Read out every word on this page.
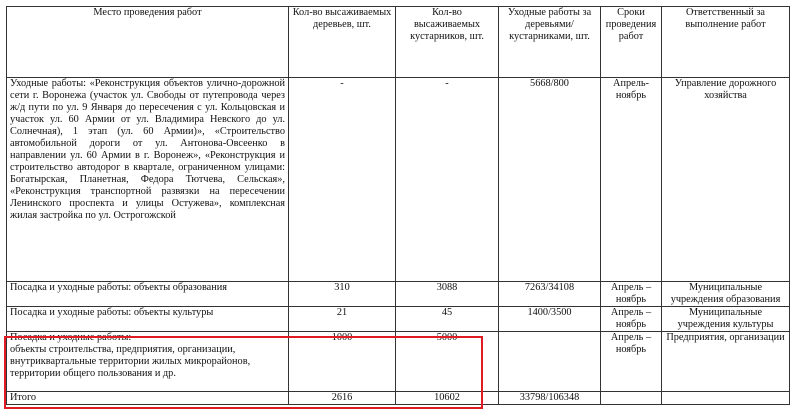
Место проведения работ	Кол-во высаживаемых деревьев, шт.	Кол-во высаживаемых кустарников, шт.	Уходные работы за деревьями/ кустарниками, шт.	Сроки проведения работ	Ответственный за выполнение работ
Уходные работы: «Реконструкция объектов улично-дорожной сети г. Воронежа (участок ул. Свободы от путепровода через ж/д пути по ул. 9 Января до пересечения с ул. Кольцовская и участок ул. 60 Армии от ул. Владимира Невского до ул. Солнечная), 1 этап (ул. 60 Армии)», «Строительство автомобильной дороги от ул. Антонова-Овсеенко в направлении ул. 60 Армии в г. Воронеж», «Реконструкция и строительство автодорог в квартале, ограниченном улицами: Богатырская, Планетная, Федора Тютчева, Сельская», «Реконструкция транспортной развязки на пересечении Ленинского проспекта и улицы Остужева», комплексная жилая застройка по ул. Острогожской	-	-	5668/800	Апрель-ноябрь	Управление дорожного хозяйства
Посадка и уходные работы: объекты образования	310	3088	7263/34108	Апрель – ноябрь	Муниципальные учреждения образования
Посадка и уходные работы: объекты культуры	21	45	1400/3500	Апрель – ноябрь	Муниципальные учреждения культуры

Посадка и уходные работы:
объекты строительства, предприятия, организации, внутриквартальные территории жилых микрорайонов, территории общего пользования и др.	1000	5000		Апрель – ноябрь	Предприятия, организации
Итого	2616	10602	33798/106348		
